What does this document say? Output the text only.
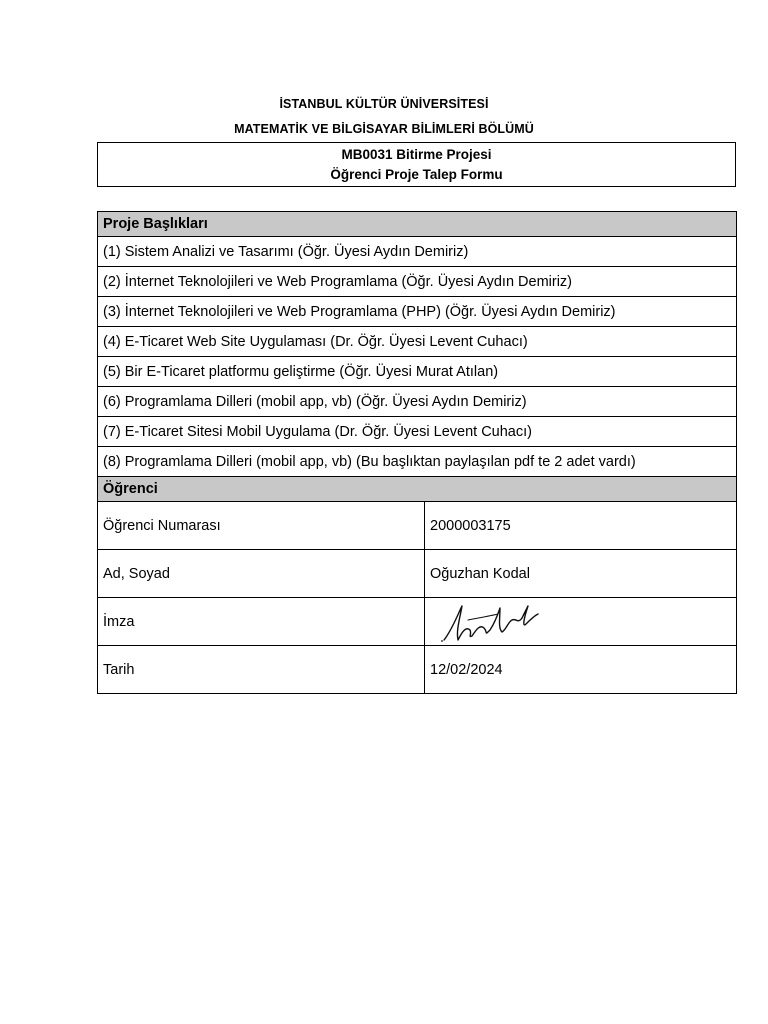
İSTANBUL KÜLTÜR ÜNİVERSİTESİ
MATEMATİK VE BİLGİSAYAR BİLİMLERİ BÖLÜMÜ
MB0031 Bitirme Projesi
Öğrenci Proje Talep Formu
Proje Başlıkları	
(1) Sistem Analizi ve Tasarımı (Öğr. Üyesi Aydın Demiriz)	
(2) İnternet Teknolojileri ve Web Programlama (Öğr. Üyesi Aydın Demiriz)	
(3) İnternet Teknolojileri ve Web Programlama (PHP) (Öğr. Üyesi Aydın Demiriz)	
(4) E-Ticaret Web Site Uygulaması (Dr. Öğr. Üyesi Levent Cuhacı)	
(5) Bir E-Ticaret platformu geliştirme (Öğr. Üyesi Murat Atılan)	
(6) Programlama Dilleri (mobil app, vb) (Öğr. Üyesi Aydın Demiriz)	
(7) E-Ticaret Sitesi Mobil Uygulama (Dr. Öğr. Üyesi Levent Cuhacı)	
(8) Programlama Dilleri (mobil app, vb) (Bu başlıktan paylaşılan pdf te 2 adet vardı)	
Öğrenci	
Öğrenci Numarası	2000003175
Ad, Soyad	Oğuzhan Kodal
İmza	

Tarih	12/02/2024
